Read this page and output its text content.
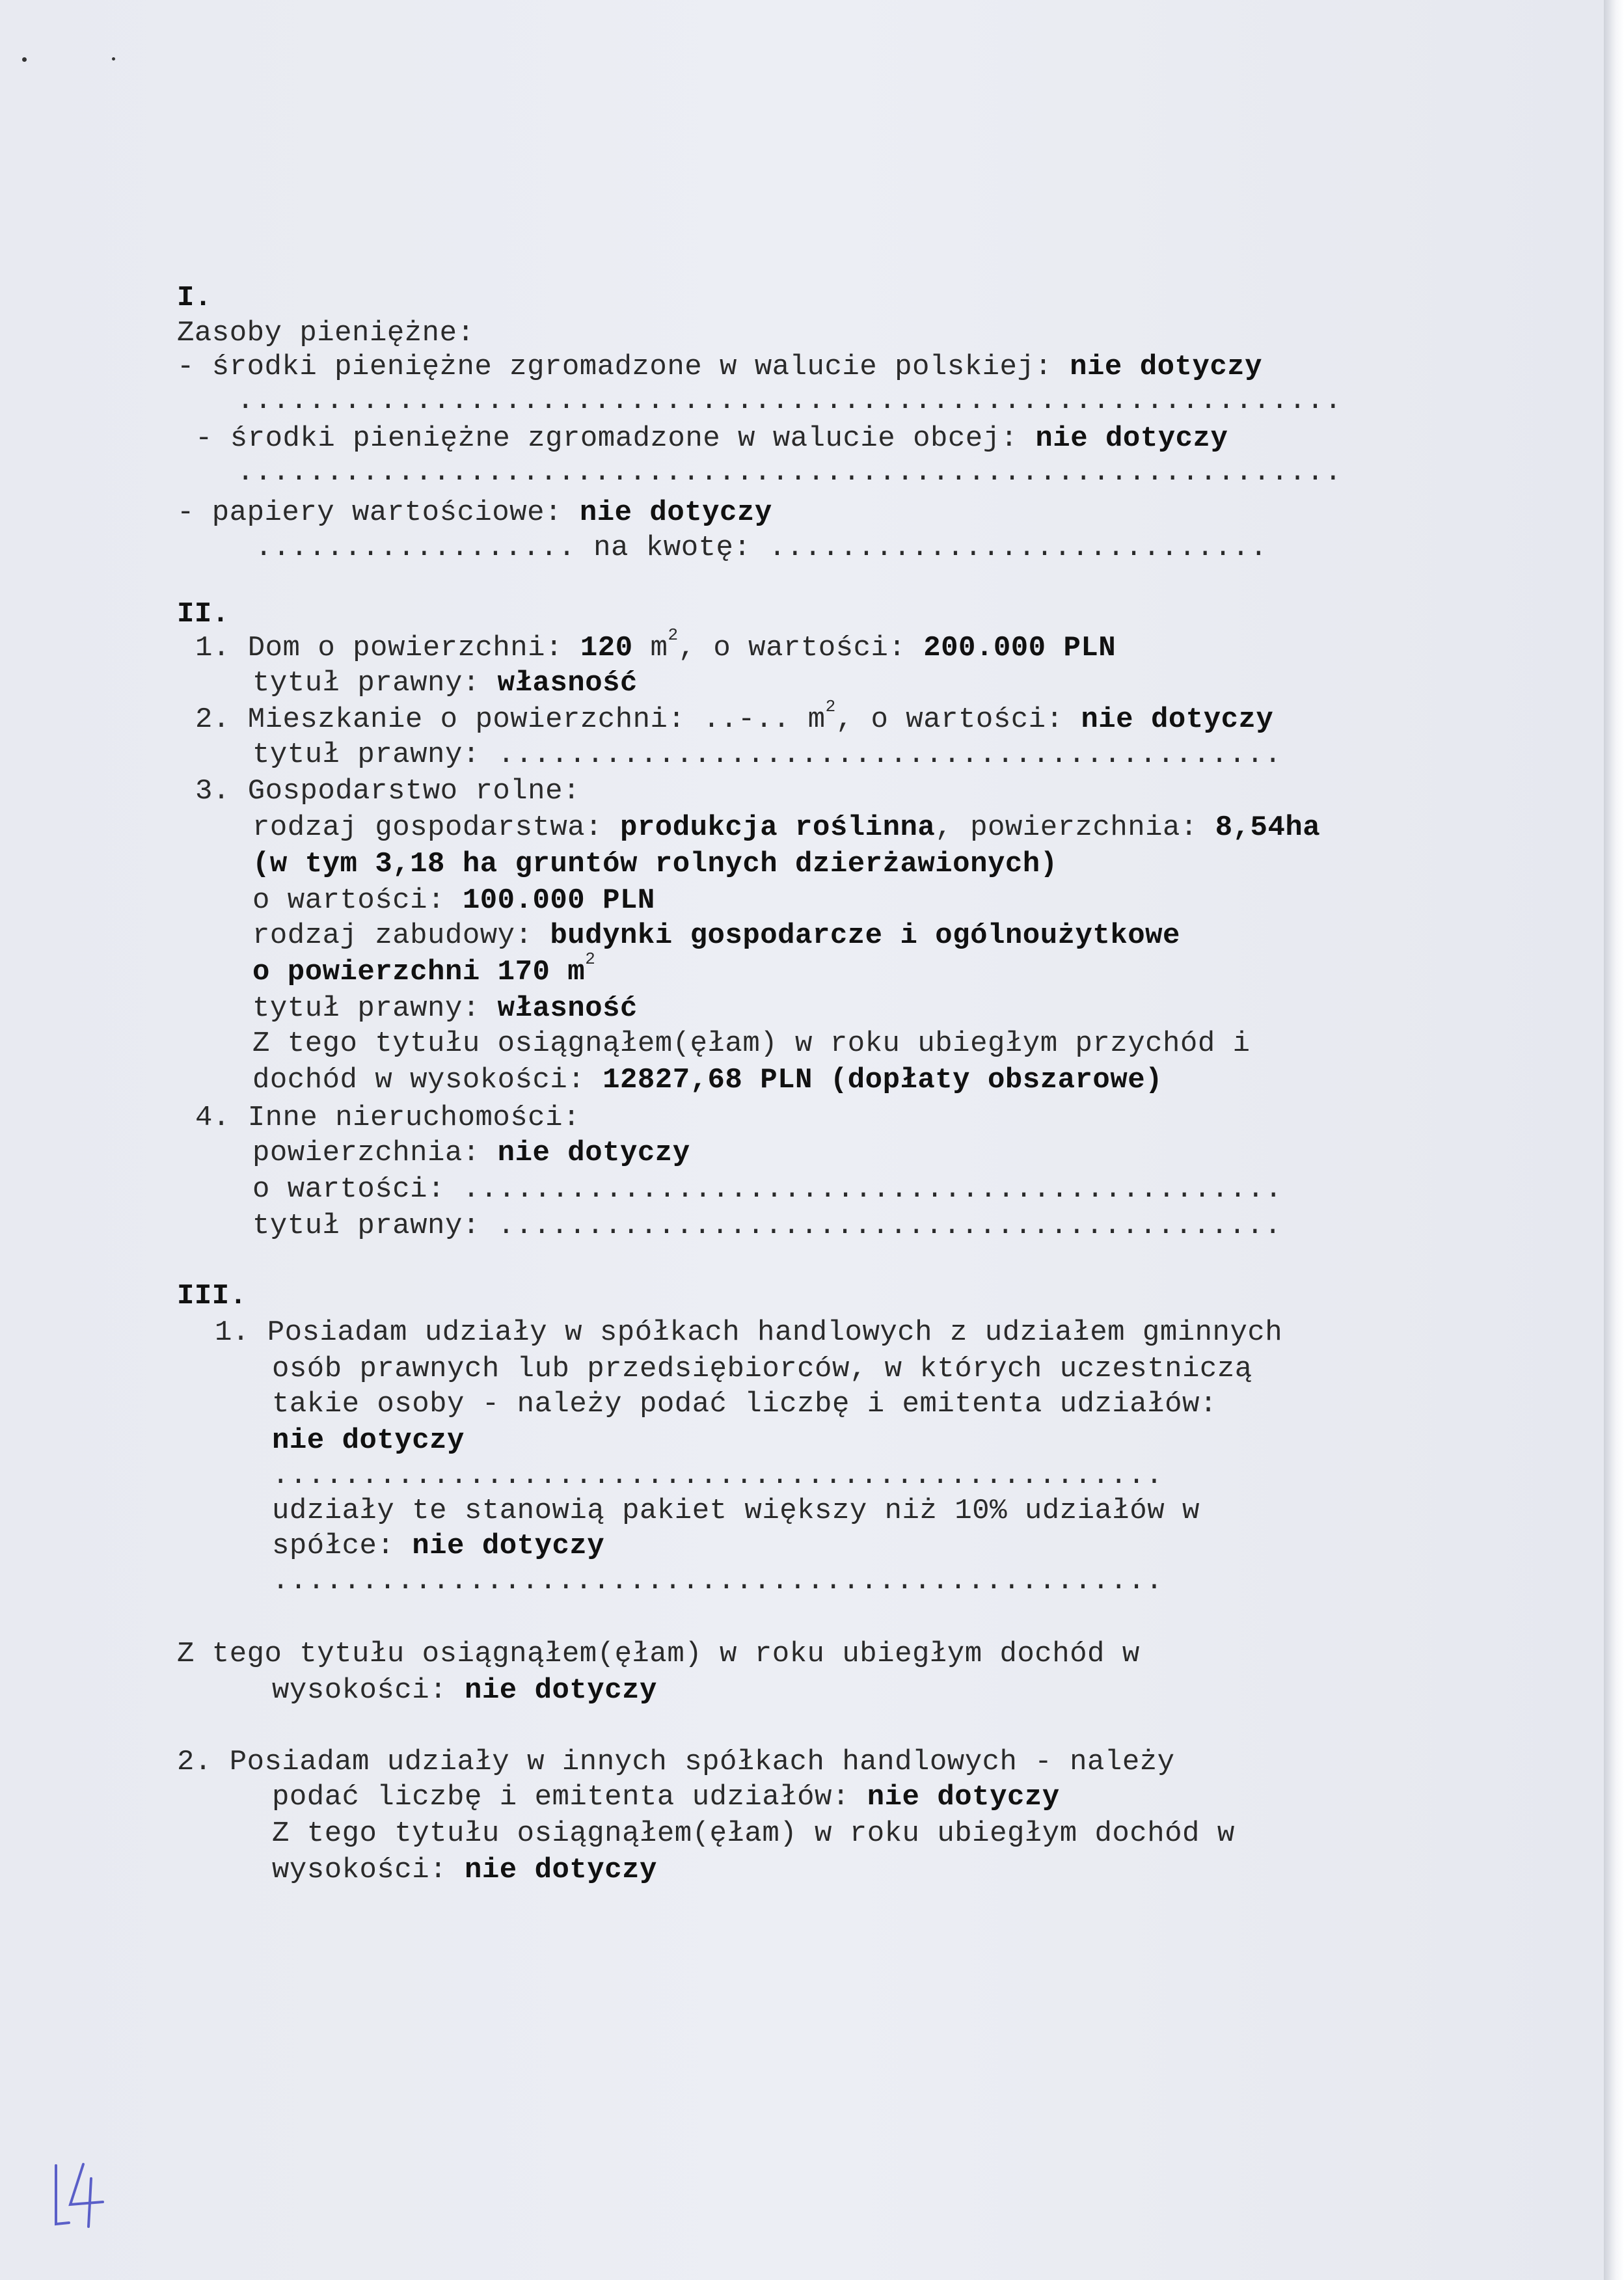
I.
Zasoby pieniężne:
- środki pieniężne zgromadzone w walucie polskiej: nie dotyczy
..............................................................
- środki pieniężne zgromadzone w walucie obcej: nie dotyczy
..............................................................
- papiery wartościowe: nie dotyczy
.................. na kwotę: ............................
II.
1. Dom o powierzchni: 120 $m^2$, o wartości: 200.000 PLN
tytuł prawny: własność
2. Mieszkanie o powierzchni: ..-.. $m^2$, o wartości: nie dotyczy
tytuł prawny: ............................................
3. Gospodarstwo rolne:
rodzaj gospodarstwa: produkcja roślinna, powierzchnia: 8,54ha
(w tym 3,18 ha gruntów rolnych dzierżawionych)
o wartości: 100.000 PLN
rodzaj zabudowy: budynki gospodarcze i ogólnoużytkowe
o powierzchni 170 $m^2$
tytuł prawny: własność
Z tego tytułu osiągnąłem(ęłam) w roku ubiegłym przychód i
dochód w wysokości: 12827,68 PLN (dopłaty obszarowe)
4. Inne nieruchomości:
powierzchnia: nie dotyczy
o wartości: ..............................................
tytuł prawny: ............................................
III.
1. Posiadam udziały w spółkach handlowych z udziałem gminnych
osób prawnych lub przedsiębiorców, w których uczestniczą
takie osoby - należy podać liczbę i emitenta udziałów:
nie dotyczy
..................................................
udziały te stanowią pakiet większy niż 10% udziałów w
spółce: nie dotyczy
..................................................
Z tego tytułu osiągnąłem(ęłam) w roku ubiegłym dochód w
wysokości: nie dotyczy
2. Posiadam udziały w innych spółkach handlowych - należy
podać liczbę i emitenta udziałów: nie dotyczy
Z tego tytułu osiągnąłem(ęłam) w roku ubiegłym dochód w
wysokości: nie dotyczy
